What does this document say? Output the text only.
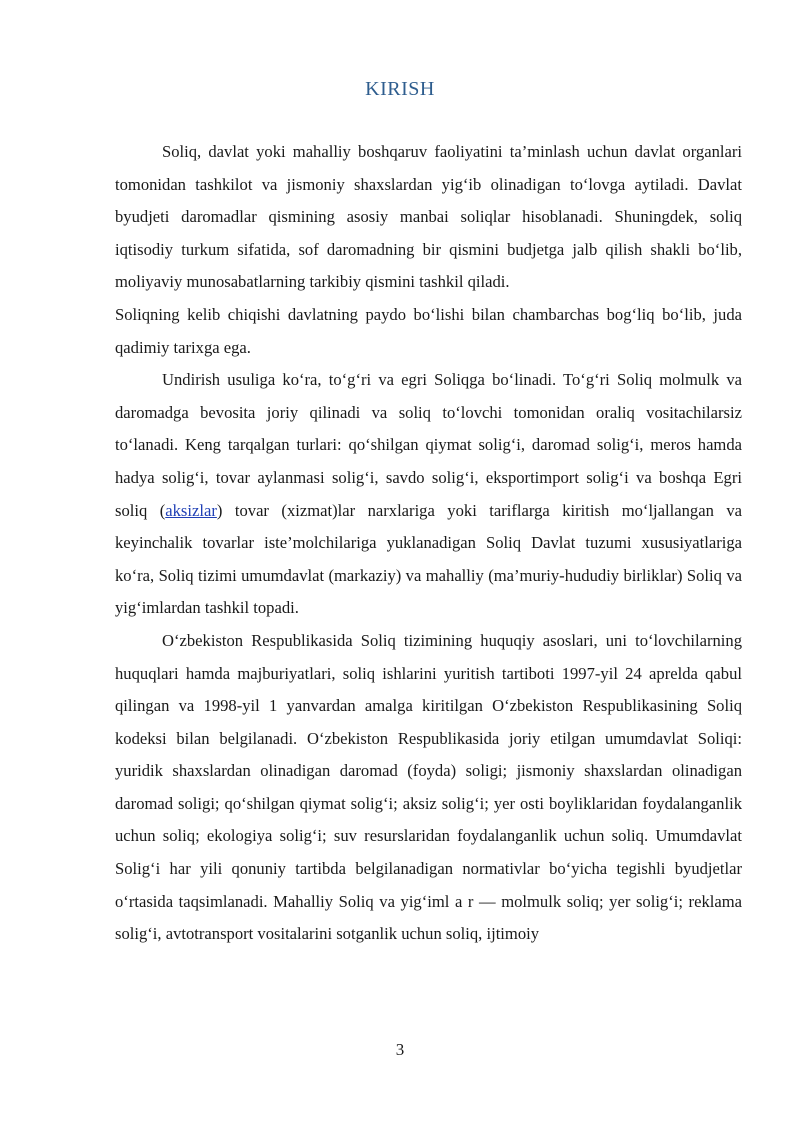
KIRISH

Soliq, davlat yoki mahalliy boshqaruv faoliyatini ta’minlash uchun davlat organlari tomonidan tashkilot va jismoniy shaxslardan yig‘ib olinadigan to‘lovga aytiladi. Davlat byudjeti daromadlar qismining asosiy manbai soliqlar hisoblanadi. Shuningdek, soliq iqtisodiy turkum sifatida, sof daromadning bir qismini budjetga jalb qilish shakli bo‘lib, moliyaviy munosabatlarning tarkibiy qismini tashkil qiladi.

Soliqning kelib chiqishi davlatning paydo bo‘lishi bilan chambarchas bog‘liq bo‘lib, juda qadimiy tarixga ega.

Undirish usuliga ko‘ra, to‘g‘ri va egri Soliqga bo‘linadi. To‘g‘ri Soliq molmulk va daromadga bevosita joriy qilinadi va soliq to‘lovchi tomonidan oraliq vositachilarsiz to‘lanadi. Keng tarqalgan turlari: qo‘shilgan qiymat solig‘i, daromad solig‘i, meros hamda hadya solig‘i, tovar aylanmasi solig‘i, savdo solig‘i, eksportimport solig‘i va boshqa Egri soliq (aksizlar) tovar (xizmat)lar narxlariga yoki tariflarga kiritish mo‘ljallangan va keyinchalik tovarlar iste’molchilariga yuklanadigan Soliq Davlat tuzumi xususiyatlariga ko‘ra, Soliq tizimi umumdavlat (markaziy) va mahalliy (ma’muriy-hududiy birliklar) Soliq va yig‘imlardan tashkil topadi.

O‘zbekiston Respublikasida Soliq tizimining huquqiy asoslari, uni to‘lovchilarning huquqlari hamda majburiyatlari, soliq ishlarini yuritish tartiboti 1997-yil 24 aprelda qabul qilingan va 1998-yil 1 yanvardan amalga kiritilgan O‘zbekiston Respublikasining Soliq kodeksi bilan belgilanadi. O‘zbekiston Respublikasida joriy etilgan umumdavlat Soliqi: yuridik shaxslardan olinadigan daromad (foyda) soligi; jismoniy shaxslardan olinadigan daromad soligi; qo‘shilgan qiymat solig‘i; aksiz solig‘i; yer osti boyliklaridan foydalanganlik uchun soliq; ekologiya solig‘i; suv resurslaridan foydalanganlik uchun soliq. Umumdavlat Solig‘i har yili qonuniy tartibda belgilanadigan normativlar bo‘yicha tegishli byudjetlar o‘rtasida taqsimlanadi. Mahalliy Soliq va yig‘iml a r — molmulk soliq; yer solig‘i; reklama solig‘i, avtotransport vositalarini sotganlik uchun soliq, ijtimoiy

3
